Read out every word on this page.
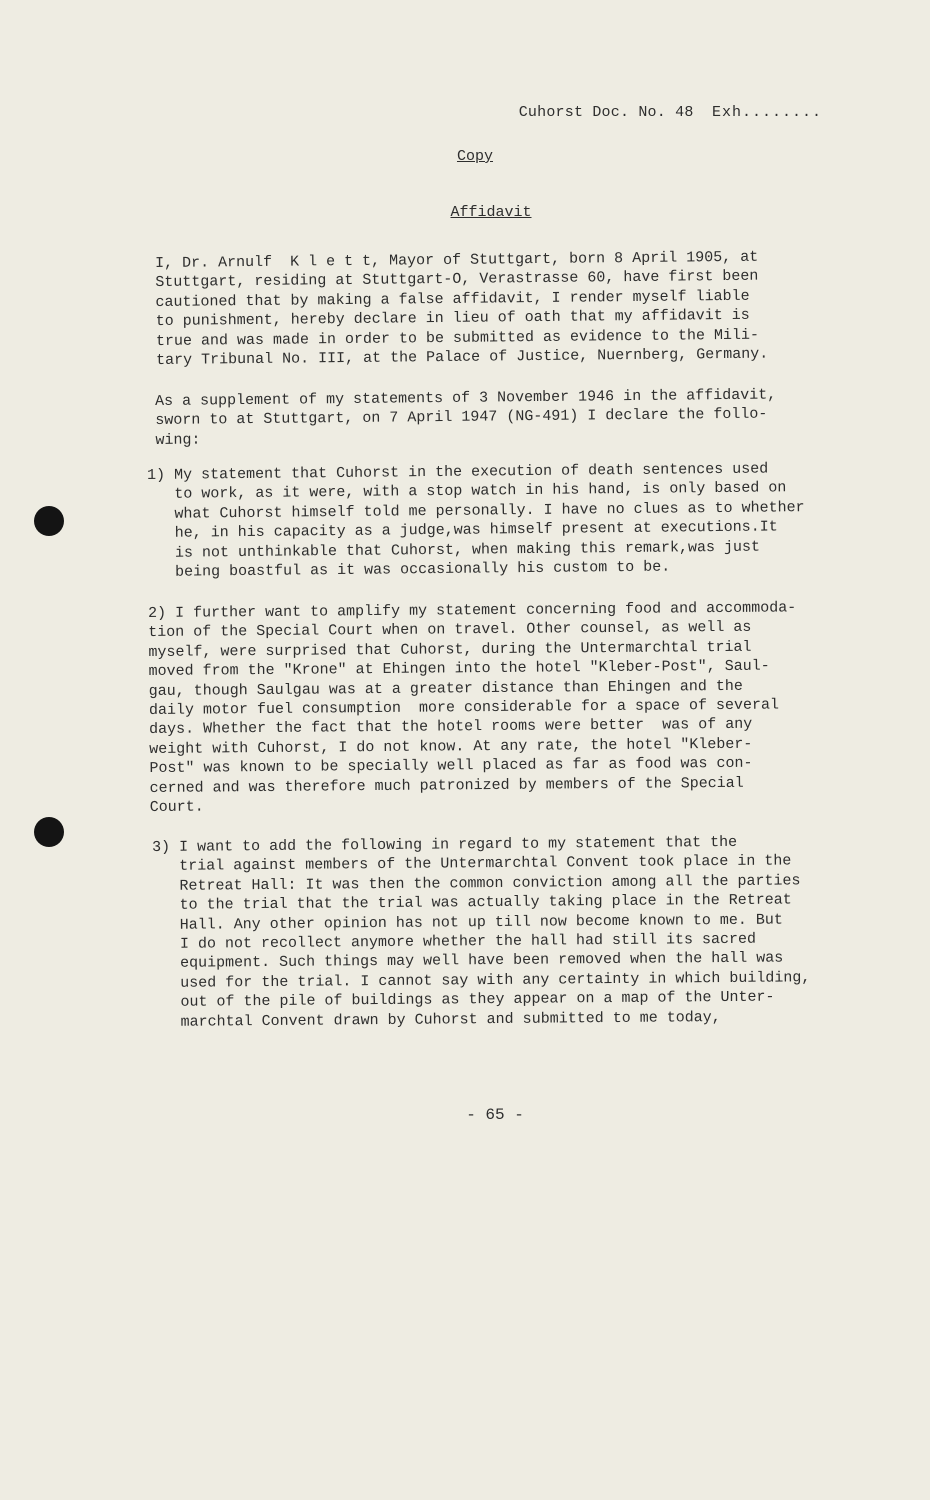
Cuhorst Doc. No. 48 Exh........
Copy
Affidavit
I, Dr. Arnulf  K l e t t, Mayor of Stuttgart, born 8 April 1905, at
Stuttgart, residing at Stuttgart-O, Verastrasse 60, have first been
cautioned that by making a false affidavit, I render myself liable
to punishment, hereby declare in lieu of oath that my affidavit is
true and was made in order to be submitted as evidence to the Mili-
tary Tribunal No. III, at the Palace of Justice, Nuernberg, Germany.
As a supplement of my statements of 3 November 1946 in the affidavit,
sworn to at Stuttgart, on 7 April 1947 (NG-491) I declare the follo-
wing:
1) My statement that Cuhorst in the execution of death sentences used
to work, as it were, with a stop watch in his hand, is only based on
what Cuhorst himself told me personally. I have no clues as to whether
he, in his capacity as a judge,was himself present at executions.It
is not unthinkable that Cuhorst, when making this remark,was just
being boastful as it was occasionally his custom to be.
2) I further want to amplify my statement concerning food and accommoda-
tion of the Special Court when on travel. Other counsel, as well as
myself, were surprised that Cuhorst, during the Untermarchtal trial
moved from the "Krone" at Ehingen into the hotel "Kleber-Post", Saul-
gau, though Saulgau was at a greater distance than Ehingen and the
daily motor fuel consumption  more considerable for a space of several
days. Whether the fact that the hotel rooms were better  was of any
weight with Cuhorst, I do not know. At any rate, the hotel "Kleber-
Post" was known to be specially well placed as far as food was con-
cerned and was therefore much patronized by members of the Special
Court.
3) I want to add the following in regard to my statement that the
trial against members of the Untermarchtal Convent took place in the
Retreat Hall: It was then the common conviction among all the parties
to the trial that the trial was actually taking place in the Retreat
Hall. Any other opinion has not up till now become known to me. But
I do not recollect anymore whether the hall had still its sacred
equipment. Such things may well have been removed when the hall was
used for the trial. I cannot say with any certainty in which building,
out of the pile of buildings as they appear on a map of the Unter-
marchtal Convent drawn by Cuhorst and submitted to me today,
- 65 -
